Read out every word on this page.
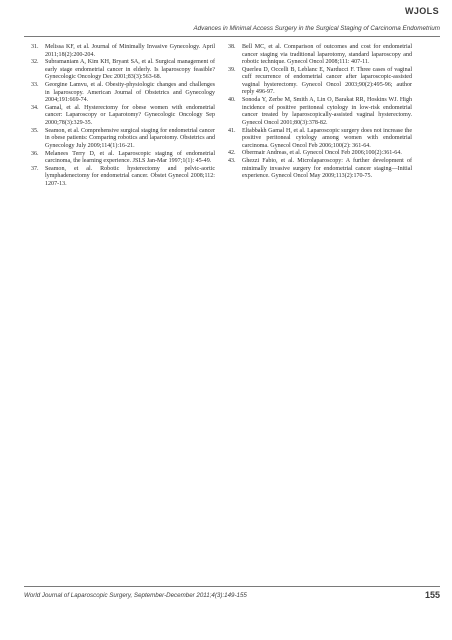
WJOLS
Advances in Minimal Access Surgery in the Surgical Staging of Carcinoma Endometrium
31.	Melissa KF, et al. Journal of Minimally Invasive Gynecology. April 2011;18(2):200-204.
32.	Subramaniam A, Kim KH, Bryant SA, et al. Surgical management of early stage endometrial cancer in elderly. Is laparoscopy feasible? Gynecologic Oncology Dec 2001;83(3):563-68.
33.	Georgine Lamvu, et al. Obesity-physiologic changes and challenges in laparoscopy. American Journal of Obstetrics and Gynecology 2004;191:669-74.
34.	Gamal, et al. Hysterectomy for obese women with endometrial cancer: Laparoscopy or Laparotomy? Gynecologic Oncology Sep 2000;78(3):329-35.
35.	Seamon, et al. Comprehensive surgical staging for endometrial cancer in obese patients: Comparing robotics and laparotomy. Obstetrics and Gynecology July 2009;114(1):16-21.
36.	Melanees Terry D, et al. Laparoscopic staging of endometrial carcinoma, the learning experience. JSLS Jan-Mar 1997;1(1): 45-49.
37.	Seamon, et al. Robotic hysterectomy and pelvic-aortic lymphadenectomy for endometrial cancer. Obstet Gynecol 2008;112: 1207-13.
38.	Bell MC, et al. Comparison of outcomes and cost for endometrial cancer staging via traditional laparotomy, standard laparoscopy and robotic technique. Gynecol Oncol 2008;111: 407-11.
39.	Querleu D, Occelli B, Leblanc E, Narducci F. Three cases of vaginal cuff recurrence of endometrial cancer after laparoscopic-assisted vaginal hysterectomy. Gynecol Oncol 2003;90(2):495-96; author reply 496-97.
40.	Sonoda Y, Zerbe M, Smith A, Lin O, Barakat RR, Hoskins WJ. High incidence of positive peritoneal cytology in low-risk endometrial cancer treated by laparoscopically-assisted vaginal hysterectomy. Gynecol Oncol 2001;80(3):378-82.
41.	Eltabbakh Gamal H, et al. Laparoscopic surgery does not increase the positive peritoneal cytology among women with endometrial carcinoma. Gynecol Oncol Feb 2006;100(2): 361-64.
42.	Obermair Andreas, et al. Gynecol Oncol Feb 2006;100(2):361-64.
43.	Ghezzi Fabio, et al. Microlaparoscopy: A further development of minimally invasive surgery for endometrial cancer staging—Initial experience. Gynecol Oncol May 2009;113(2):170-75.
World Journal of Laparoscopic Surgery, September-December 2011;4(3):149-155	155
